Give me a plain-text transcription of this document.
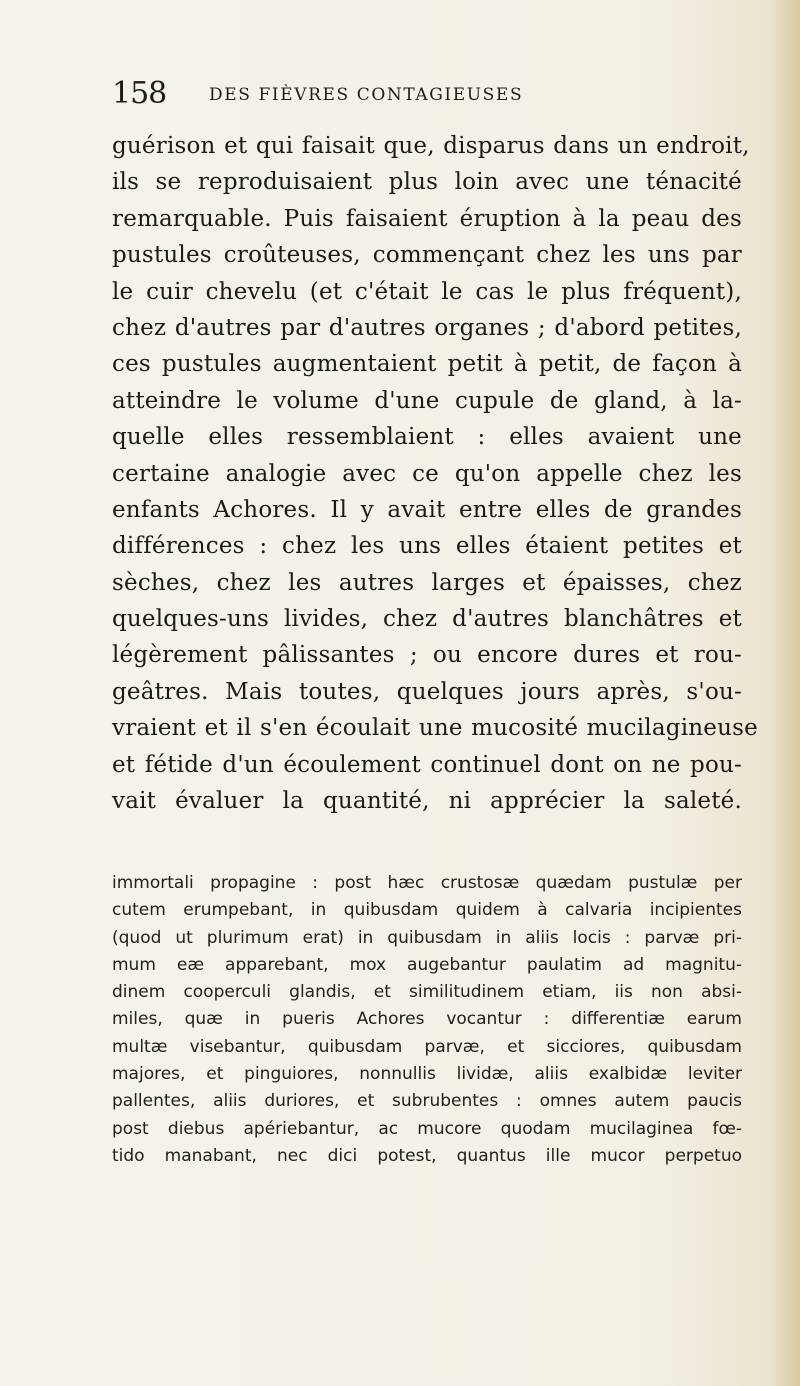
158	DES FIÈVRES CONTAGIEUSES
guérison et qui faisait que, disparus dans un endroit,
ils se reproduisaient plus loin avec une ténacité
remarquable. Puis faisaient éruption à la peau des
pustules croûteuses, commençant chez les uns par
le cuir chevelu (et c'était le cas le plus fréquent),
chez d'autres par d'autres organes ; d'abord petites,
ces pustules augmentaient petit à petit, de façon à
atteindre le volume d'une cupule de gland, à la-
quelle elles ressemblaient : elles avaient une
certaine analogie avec ce qu'on appelle chez les
enfants Achores. Il y avait entre elles de grandes
différences : chez les uns elles étaient petites et
sèches, chez les autres larges et épaisses, chez
quelques-uns livides, chez d'autres blanchâtres et
légèrement pâlissantes ; ou encore dures et rou-
geâtres. Mais toutes, quelques jours après, s'ou-
vraient et il s'en écoulait une mucosité mucilagineuse
et fétide d'un écoulement continuel dont on ne pou-
vait évaluer la quantité, ni apprécier la saleté.
immortali propagine : post hæc crustosæ quædam pustulæ per
cutem erumpebant, in quibusdam quidem à calvaria incipientes
(quod ut plurimum erat) in quibusdam in aliis locis : parvæ pri-
mum eæ apparebant, mox augebantur paulatim ad magnitu-
dinem cooperculi glandis, et similitudinem etiam, iis non absi-
miles, quæ in pueris Achores vocantur : differentiæ earum
multæ visebantur, quibusdam parvæ, et sicciores, quibusdam
majores, et pinguiores, nonnullis lividæ, aliis exalbidæ leviter
pallentes, aliis duriores, et subrubentes : omnes autem paucis
post diebus apériebantur, ac mucore quodam mucilaginea fœ-
tido manabant, nec dici potest, quantus ille mucor perpetuo
